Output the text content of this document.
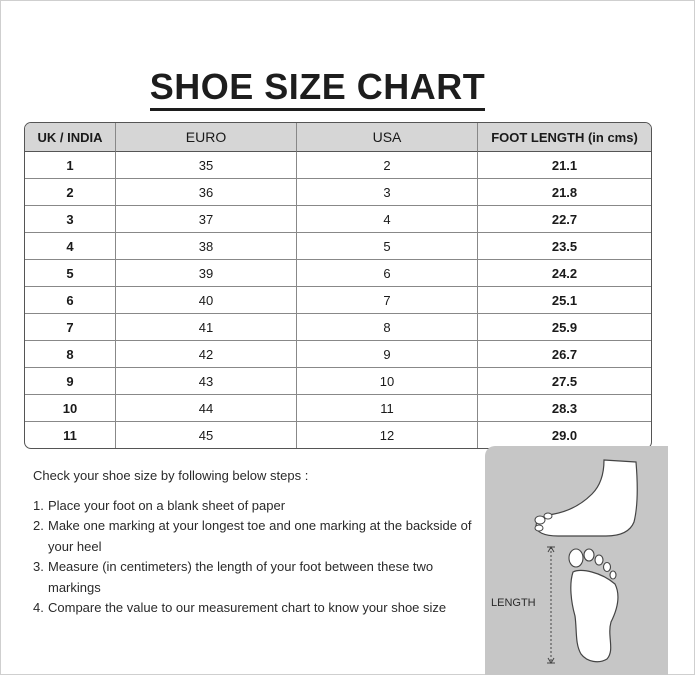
SHOE SIZE CHART
UK / INDIA	EURO	USA	FOOT LENGTH (in cms)
1	35	2	21.1
2	36	3	21.8
3	37	4	22.7
4	38	5	23.5
5	39	6	24.2
6	40	7	25.1
7	41	8	25.9
8	42	9	26.7
9	43	10	27.5
10	44	11	28.3
11	45	12	29.0
Check your shoe size by following below steps :
1. Place your foot on a blank sheet of paper
2. Make one marking at your longest toe and one marking at the backside of your heel
3. Measure (in centimeters) the length of your foot between these two markings
4. Compare the value to our measurement chart to know your shoe size	LENGTH
